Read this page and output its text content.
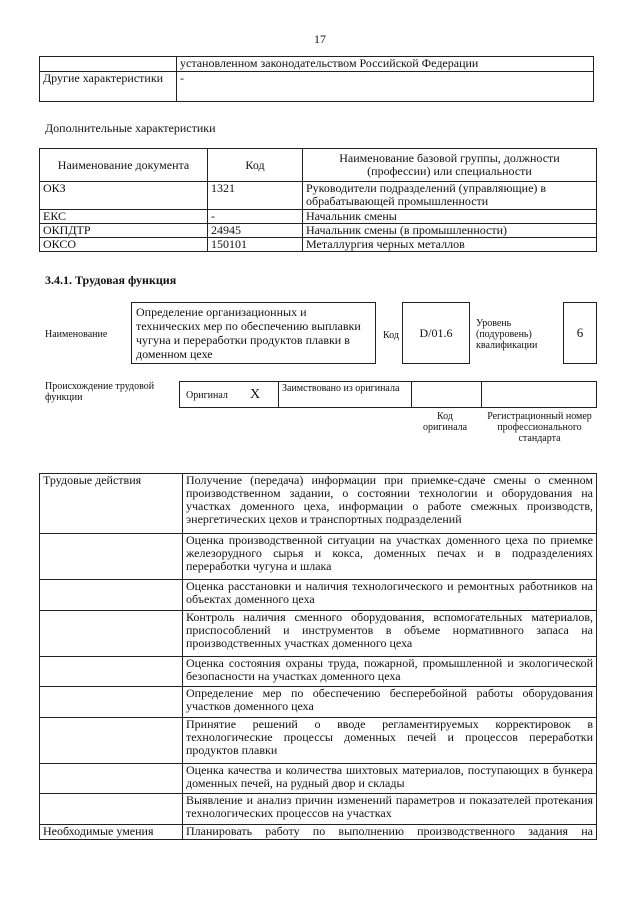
17
	установленном законодательством Российской Федерации
Другие характеристики	-
Дополнительные характеристики
Наименование документа	Код	Наименование базовой группы, должности (профессии) или специальности
ОКЗ	1321	Руководители подразделений (управляющие) в обрабатывающей промышленности
ЕКС	-	Начальник смены
ОКПДТР	24945	Начальник смены (в промышленности)
ОКСО	150101	Металлургия черных металлов
3.4.1. Трудовая функция
Наименование
Определение организационных и технических мер по обеспечению выплавки чугуна и переработки продуктов плавки в доменном цехе
Код D/01.6
Уровень (подуровень) квалификации
6
Происхождение трудовой функции	Оригинал X	Заимствовано из оригинала
Код оригинала
Регистрационный номер профессионального стандарта
Трудовые действия	Получение (передача) информации при приемке-сдаче смены о сменном производственном задании, о состоянии технологии и оборудования на участках доменного цеха, информации о работе смежных производств, энергетических цехов и транспортных подразделений
	Оценка производственной ситуации на участках доменного цеха по приемке железорудного сырья и кокса, доменных печах и в подразделениях переработки чугуна и шлака
	Оценка расстановки и наличия технологического и ремонтных работников на объектах доменного цеха
	Контроль наличия сменного оборудования, вспомогательных материалов, приспособлений и инструментов в объеме нормативного запаса на производственных участках доменного цеха
	Оценка состояния охраны труда, пожарной, промышленной и экологической безопасности на участках доменного цеха
	Определение мер по обеспечению бесперебойной работы оборудования участков доменного цеха
	Принятие решений о вводе регламентируемых корректировок в технологические процессы доменных печей и процессов переработки продуктов плавки
	Оценка качества и количества шихтовых материалов, поступающих в бункера доменных печей, на рудный двор и склады
	Выявление и анализ причин изменений параметров и показателей протекания технологических процессов на участках
Необходимые умения	Планировать работу по выполнению производственного задания на
